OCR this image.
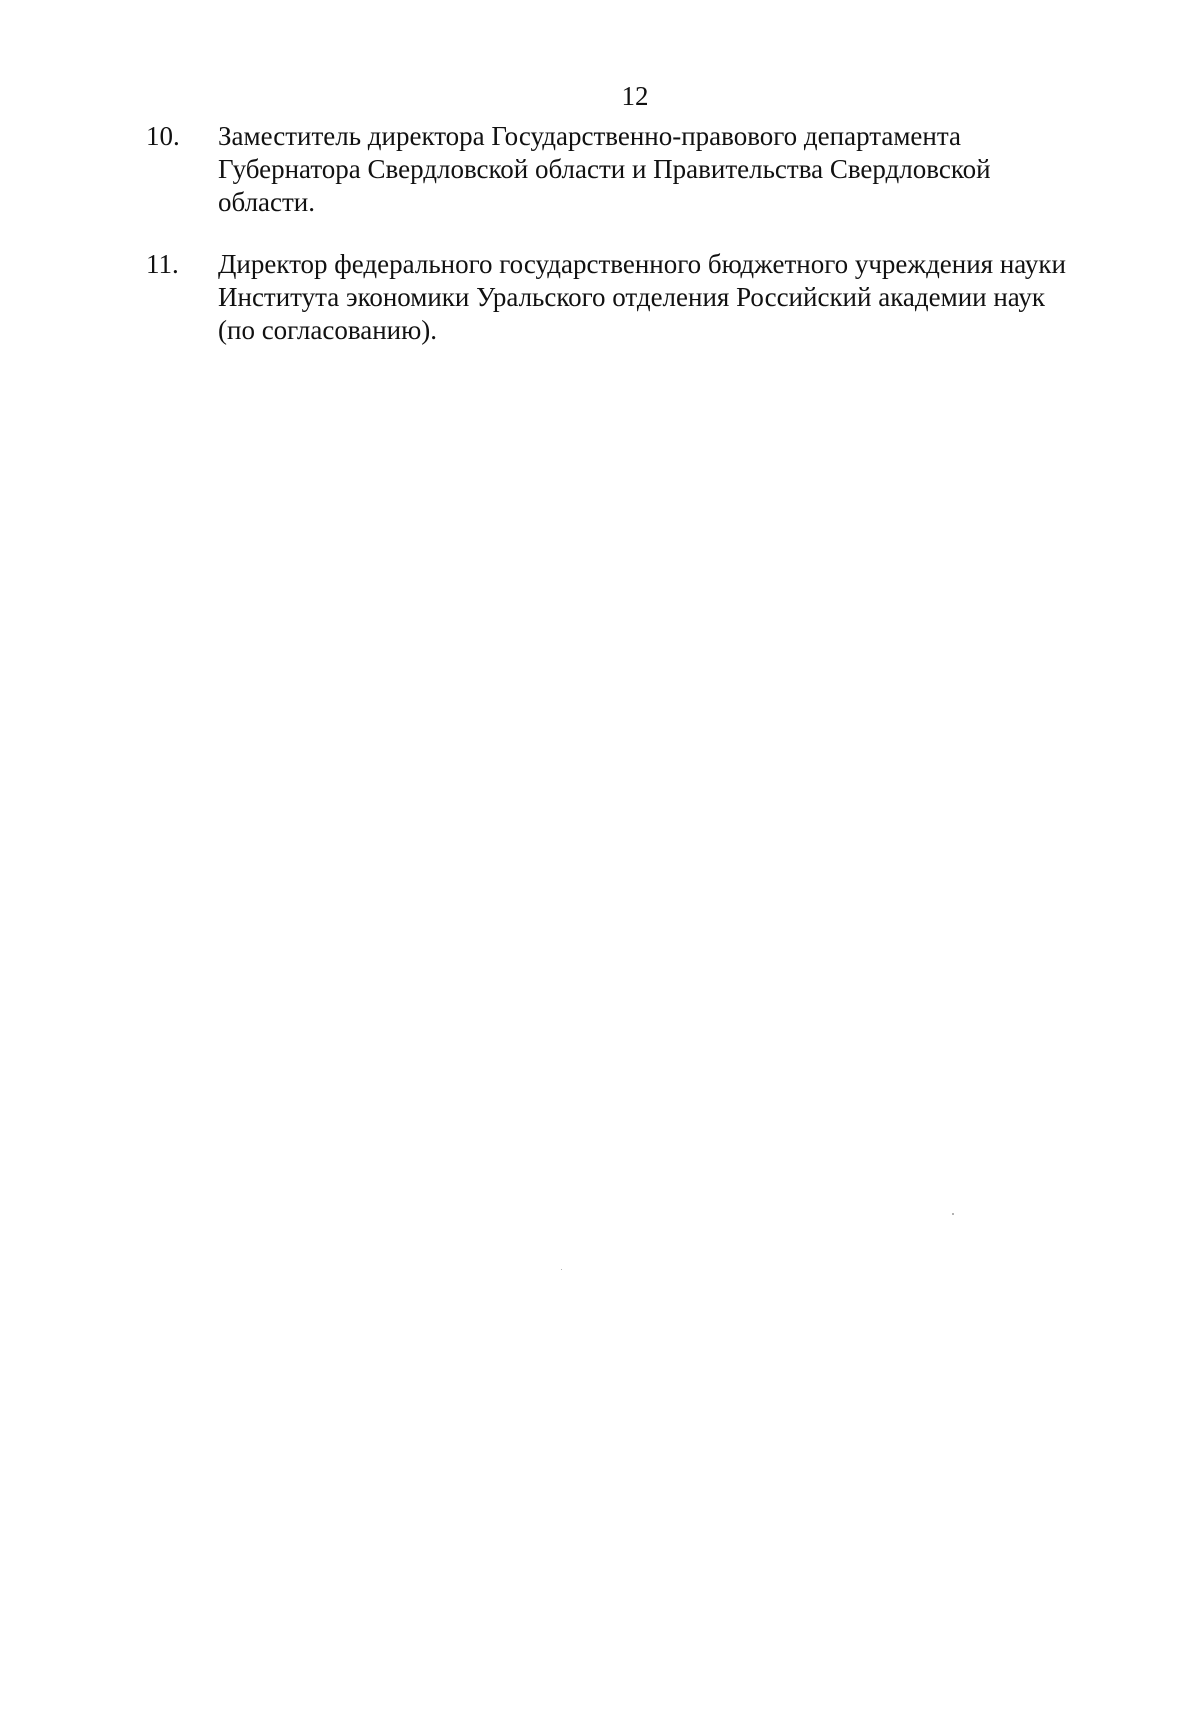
12
10.	Заместитель директора Государственно-правового департамента
Губернатора Свердловской области и Правительства Свердловской
области.
11.	Директор федерального государственного бюджетного учреждения науки
Института экономики Уральского отделения Российский академии наук
(по согласованию).
